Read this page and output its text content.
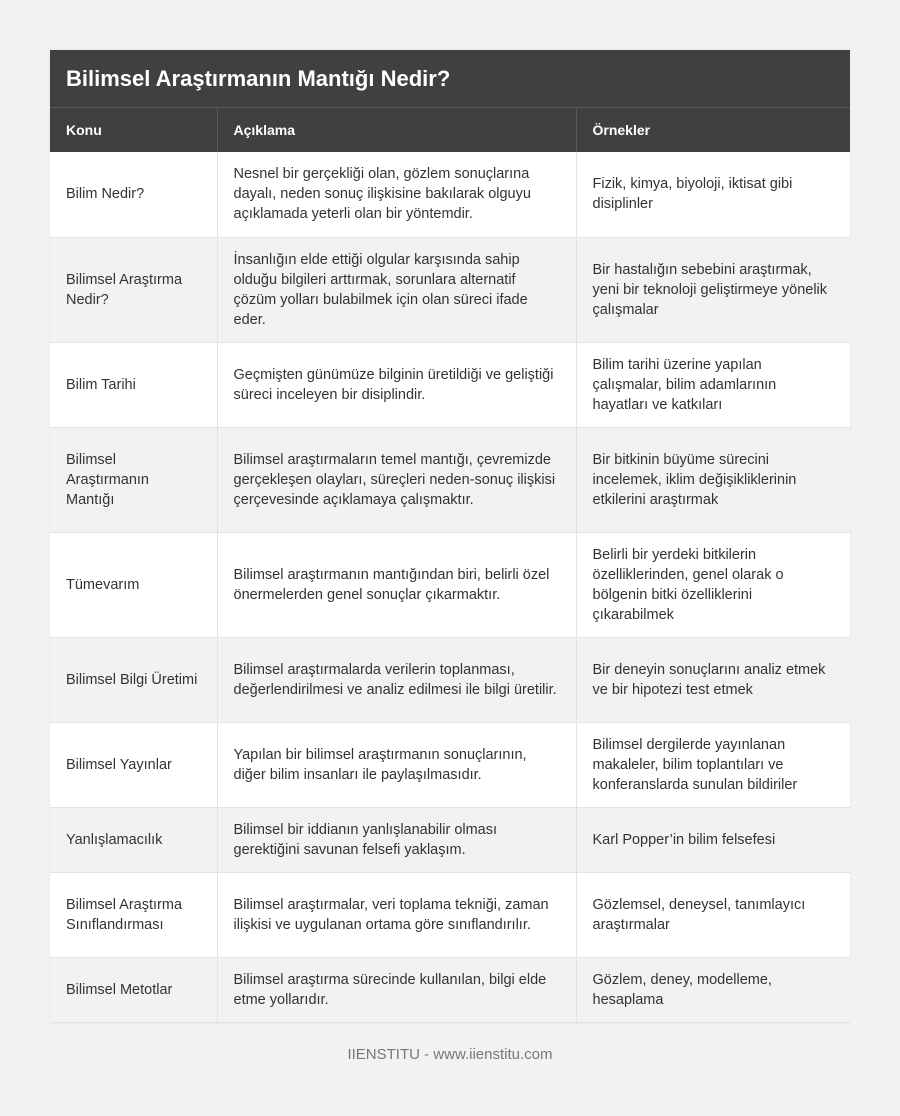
Bilimsel Araştırmanın Mantığı Nedir?
Konu	Açıklama	Örnekler
Bilim Nedir?	Nesnel bir gerçekliği olan, gözlem sonuçlarına dayalı, neden sonuç ilişkisine bakılarak olguyu açıklamada yeterli olan bir yöntemdir.	Fizik, kimya, biyoloji, iktisat gibi disiplinler
Bilimsel Araştırma Nedir?	İnsanlığın elde ettiği olgular karşısında sahip olduğu bilgileri arttırmak, sorunlara alternatif çözüm yolları bulabilmek için olan süreci ifade eder.	Bir hastalığın sebebini araştırmak, yeni bir teknoloji geliştirmeye yönelik çalışmalar
Bilim Tarihi	Geçmişten günümüze bilginin üretildiği ve geliştiği süreci inceleyen bir disiplindir.	Bilim tarihi üzerine yapılan çalışmalar, bilim adamlarının hayatları ve katkıları
Bilimsel Araştırmanın Mantığı	Bilimsel araştırmaların temel mantığı, çevremizde gerçekleşen olayları, süreçleri neden-sonuç ilişkisi çerçevesinde açıklamaya çalışmaktır.	Bir bitkinin büyüme sürecini incelemek, iklim değişikliklerinin etkilerini araştırmak
Tümevarım	Bilimsel araştırmanın mantığından biri, belirli özel önermelerden genel sonuçlar çıkarmaktır.	Belirli bir yerdeki bitkilerin özelliklerinden, genel olarak o bölgenin bitki özelliklerini çıkarabilmek
Bilimsel Bilgi Üretimi	Bilimsel araştırmalarda verilerin toplanması, değerlendirilmesi ve analiz edilmesi ile bilgi üretilir.	Bir deneyin sonuçlarını analiz etmek ve bir hipotezi test etmek
Bilimsel Yayınlar	Yapılan bir bilimsel araştırmanın sonuçlarının, diğer bilim insanları ile paylaşılmasıdır.	Bilimsel dergilerde yayınlanan makaleler, bilim toplantıları ve konferanslarda sunulan bildiriler
Yanlışlamacılık	Bilimsel bir iddianın yanlışlanabilir olması gerektiğini savunan felsefi yaklaşım.	Karl Popper’in bilim felsefesi
Bilimsel Araştırma Sınıflandırması	Bilimsel araştırmalar, veri toplama tekniği, zaman ilişkisi ve uygulanan ortama göre sınıflandırılır.	Gözlemsel, deneysel, tanımlayıcı araştırmalar
Bilimsel Metotlar	Bilimsel araştırma sürecinde kullanılan, bilgi elde etme yollarıdır.	Gözlem, deney, modelleme, hesaplama
IIENSTITU - www.iienstitu.com
